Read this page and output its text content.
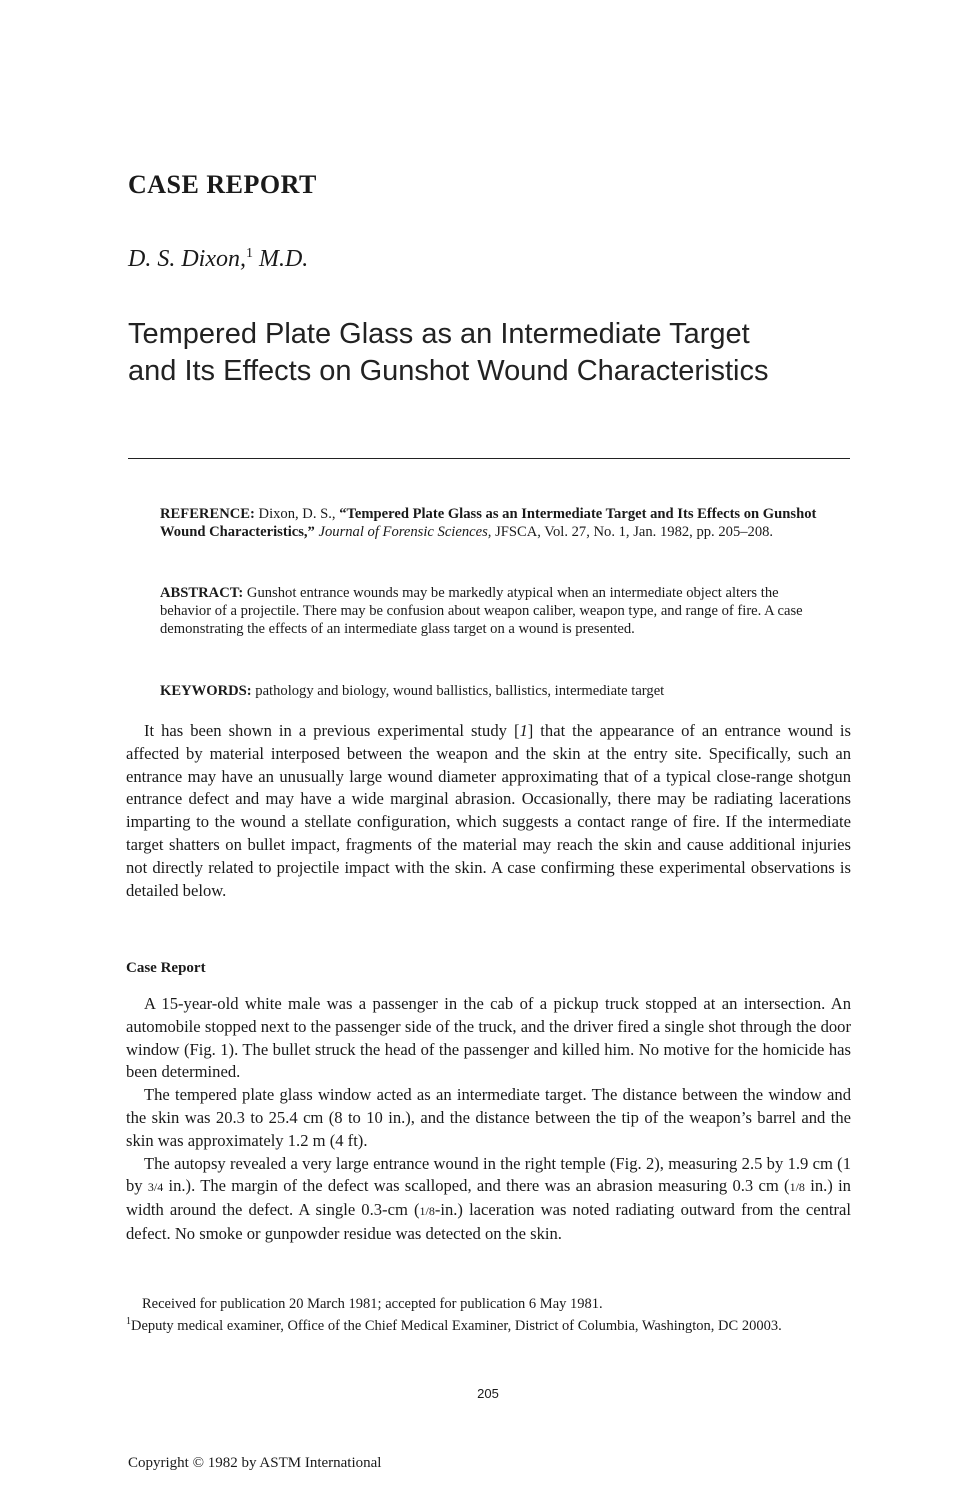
CASE REPORT
D. S. Dixon,$^1$ M.D.
Tempered Plate Glass as an Intermediate Target
and Its Effects on Gunshot Wound Characteristics
REFERENCE: Dixon, D. S., “Tempered Plate Glass as an Intermediate Target and Its Effects on Gunshot Wound Characteristics,” Journal of Forensic Sciences, JFSCA, Vol. 27, No. 1, Jan. 1982, pp. 205–208.
ABSTRACT: Gunshot entrance wounds may be markedly atypical when an intermediate object alters the behavior of a projectile. There may be confusion about weapon caliber, weapon type, and range of fire. A case demonstrating the effects of an intermediate glass target on a wound is presented.
KEYWORDS: pathology and biology, wound ballistics, ballistics, intermediate target

It has been shown in a previous experimental study [1] that the appearance of an entrance wound is affected by material interposed between the weapon and the skin at the entry site. Specifically, such an entrance may have an unusually large wound diameter approximating that of a typical close-range shotgun entrance defect and may have a wide marginal abrasion. Occasionally, there may be radiating lacerations imparting to the wound a stellate configuration, which suggests a contact range of fire. If the intermediate target shatters on bullet impact, fragments of the material may reach the skin and cause additional injuries not directly related to projectile impact with the skin. A case confirming these experimental observations is detailed below.

Case Report

A 15-year-old white male was a passenger in the cab of a pickup truck stopped at an intersection. An automobile stopped next to the passenger side of the truck, and the driver fired a single shot through the door window (Fig. 1). The bullet struck the head of the passenger and killed him. No motive for the homicide has been determined.

The tempered plate glass window acted as an intermediate target. The distance between the window and the skin was 20.3 to 25.4 cm (8 to 10 in.), and the distance between the tip of the weapon’s barrel and the skin was approximately 1.2 m (4 ft).

The autopsy revealed a very large entrance wound in the right temple (Fig. 2), measuring 2.5 by 1.9 cm (1 by 3/4 in.). The margin of the defect was scalloped, and there was an abrasion measuring 0.3 cm (1/8 in.) in width around the defect. A single 0.3-cm (1/8-in.) laceration was noted radiating outward from the central defect. No smoke or gunpowder residue was detected on the skin.

Received for publication 20 March 1981; accepted for publication 6 May 1981.

$^1$Deputy medical examiner, Office of the Chief Medical Examiner, District of Columbia, Washington, DC 20003.

205
Copyright © 1982 by ASTM International
